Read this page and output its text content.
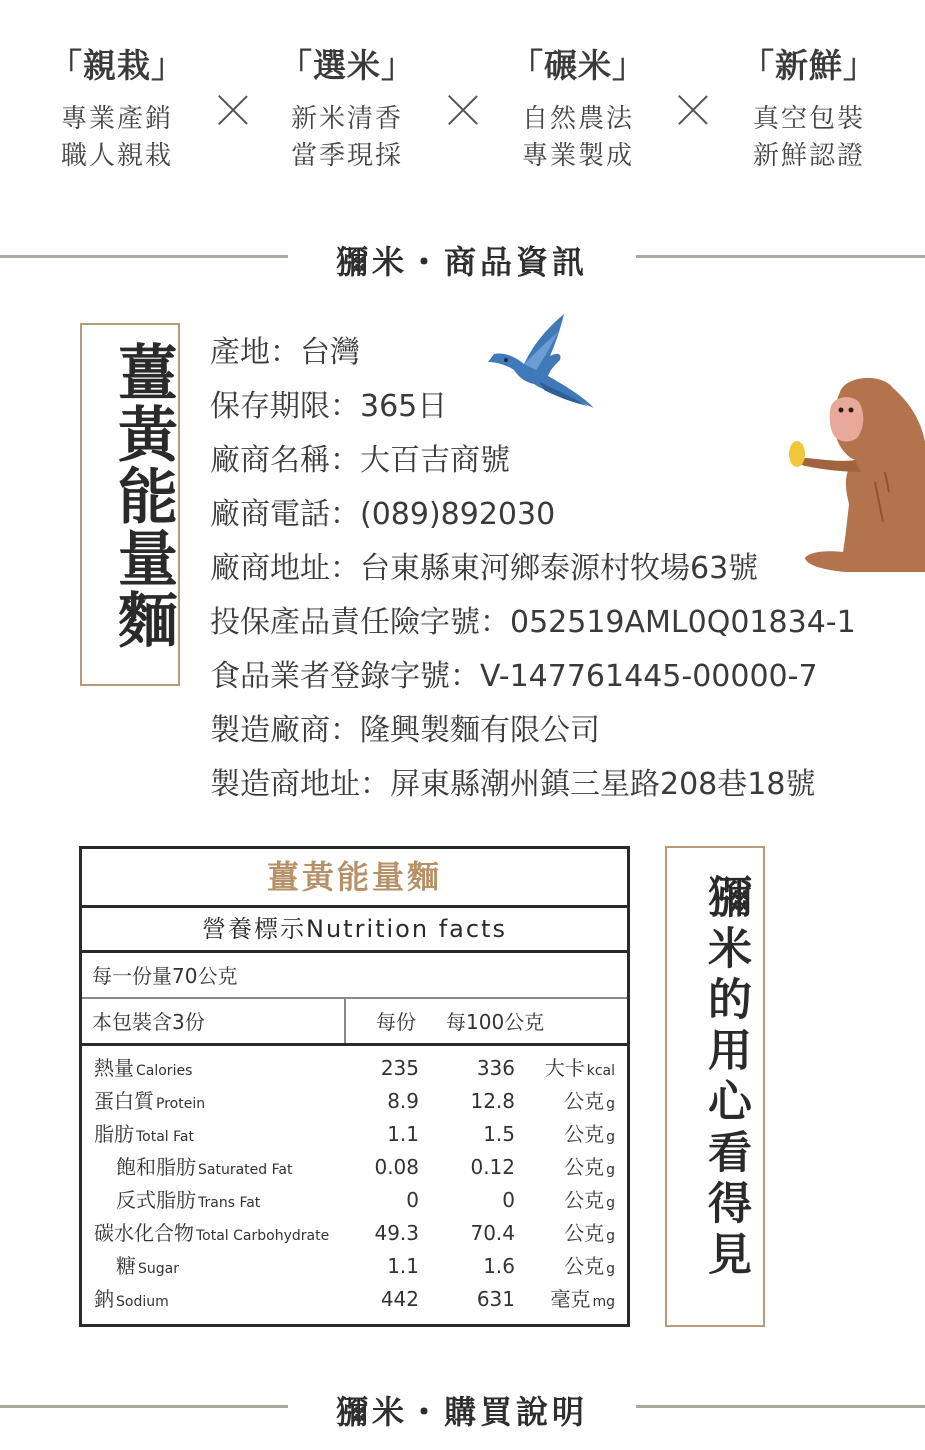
「親栽」
專業產銷
職人親栽
「選米」
新米清香
當季現採
「碾米」
自然農法
專業製成
「新鮮」
真空包裝
新鮮認證
獼米・商品資訊
薑黃能量麵 產地：台灣
保存期限：365日
廠商名稱：大百吉商號
廠商電話：(089)892030
廠商地址：台東縣東河鄉泰源村牧場63號
投保產品責任險字號：052519AML0Q01834-1
食品業者登錄字號：V-147761445-00000-7
製造廠商：隆興製麵有限公司
製造商地址：屏東縣潮州鎮三星路208巷18號
薑黃能量麵
營養標示Nutrition facts
每一份量70公克
本包裝含3份	每份 每100公克
熱量 Calories	235	336 大卡 kcal
蛋白質 Protein	8.9	12.8 公克 g
脂肪 Total Fat	1.1	1.5 公克 g
飽和脂肪 Saturated Fat	0.08	0.12 公克 g
反式脂肪 Trans Fat	0	0 公克 g
碳水化合物 Total Carbohydrate 49.3	70.4 公克 g
糖 Sugar	1.1	1.6 公克 g
鈉 Sodium	442	631 毫克 mg
獼米的用心看得見
獼米・購買說明
